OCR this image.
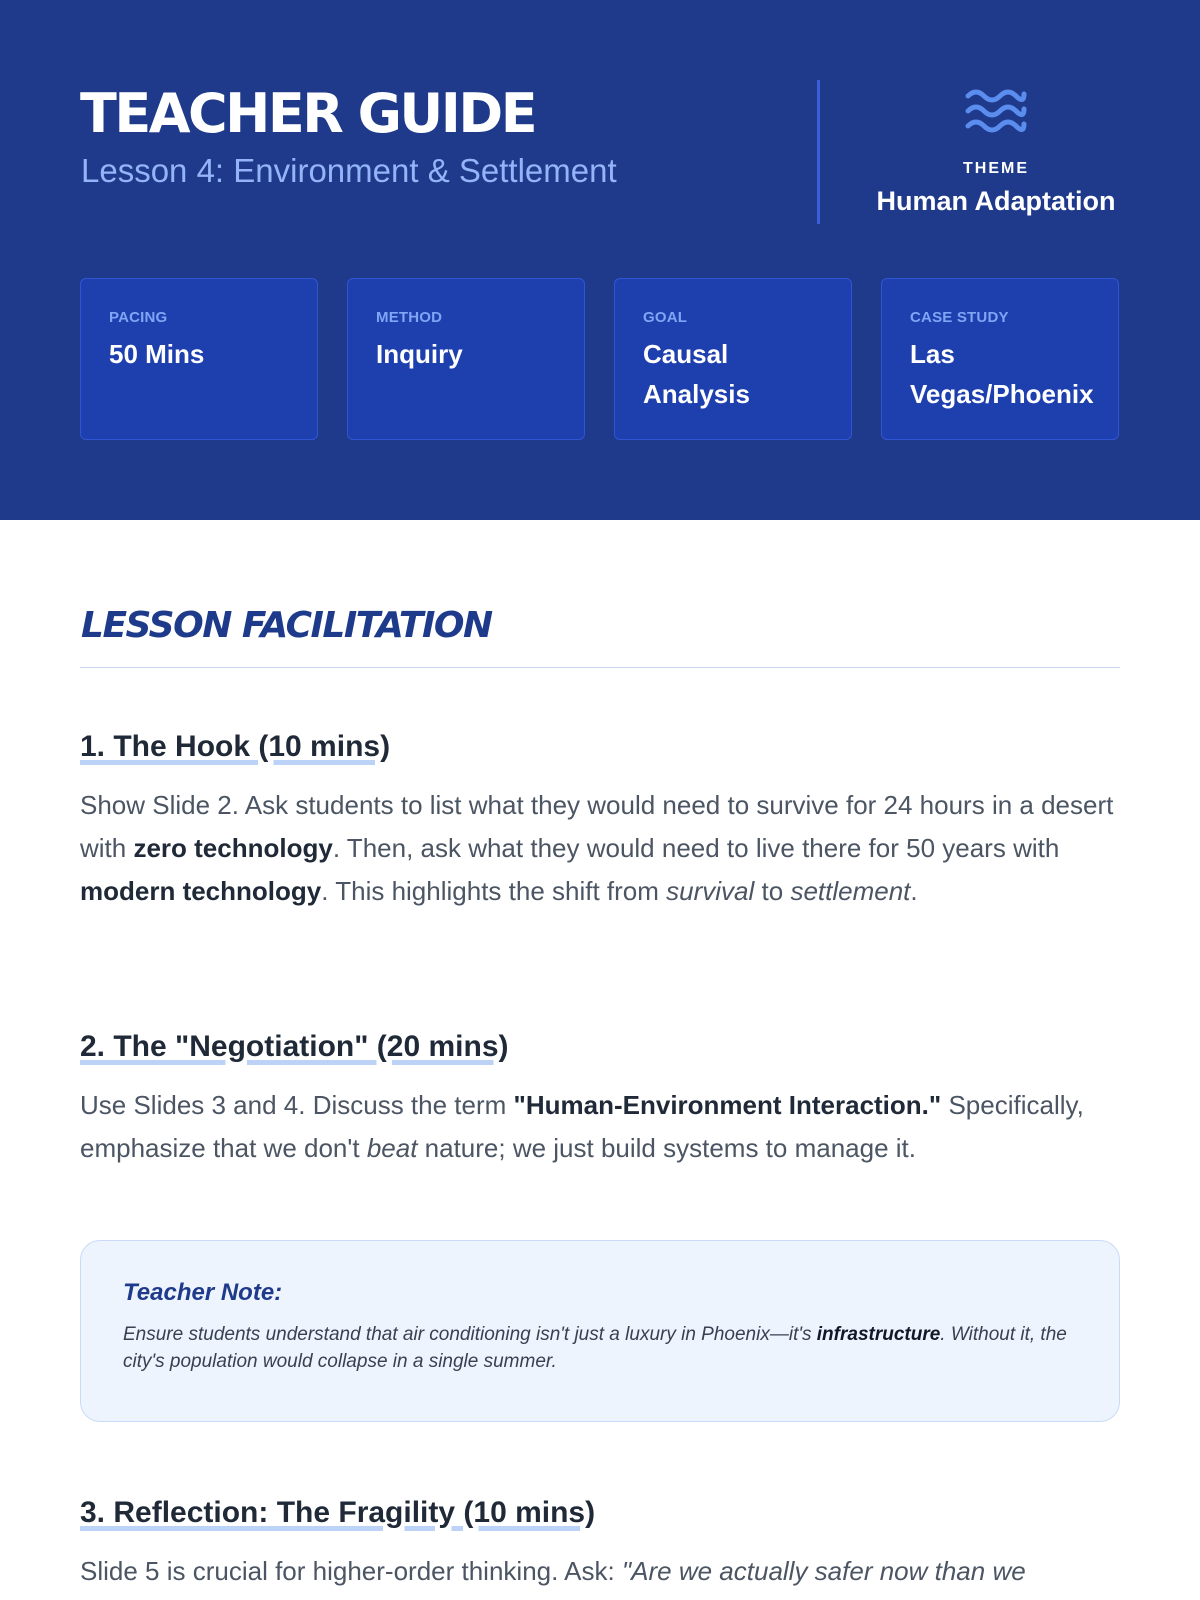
TEACHER GUIDE

Lesson 4: Environment & Settlement	THEME
Human Adaptation
PACING
50 Mins
METHOD
Inquiry
GOAL
Causal Analysis
CASE STUDY
Las Vegas/Phoenix
LESSON FACILITATION
1. The Hook (10 mins)

Show Slide 2. Ask students to list what they would need to survive for 24 hours in a desert with zero technology. Then, ask what they would need to live there for 50 years with modern technology. This highlights the shift from survival to settlement.

2. The "Negotiation" (20 mins)

Use Slides 3 and 4. Discuss the term "Human-Environment Interaction." Specifically, emphasize that we don't beat nature; we just build systems to manage it.

Teacher Note:
Ensure students understand that air conditioning isn't just a luxury in Phoenix—it's infrastructure. Without it, the city's population would collapse in a single summer.
3. Reflection: The Fragility (10 mins)

Slide 5 is crucial for higher-order thinking. Ask: "Are we actually safer now than we
